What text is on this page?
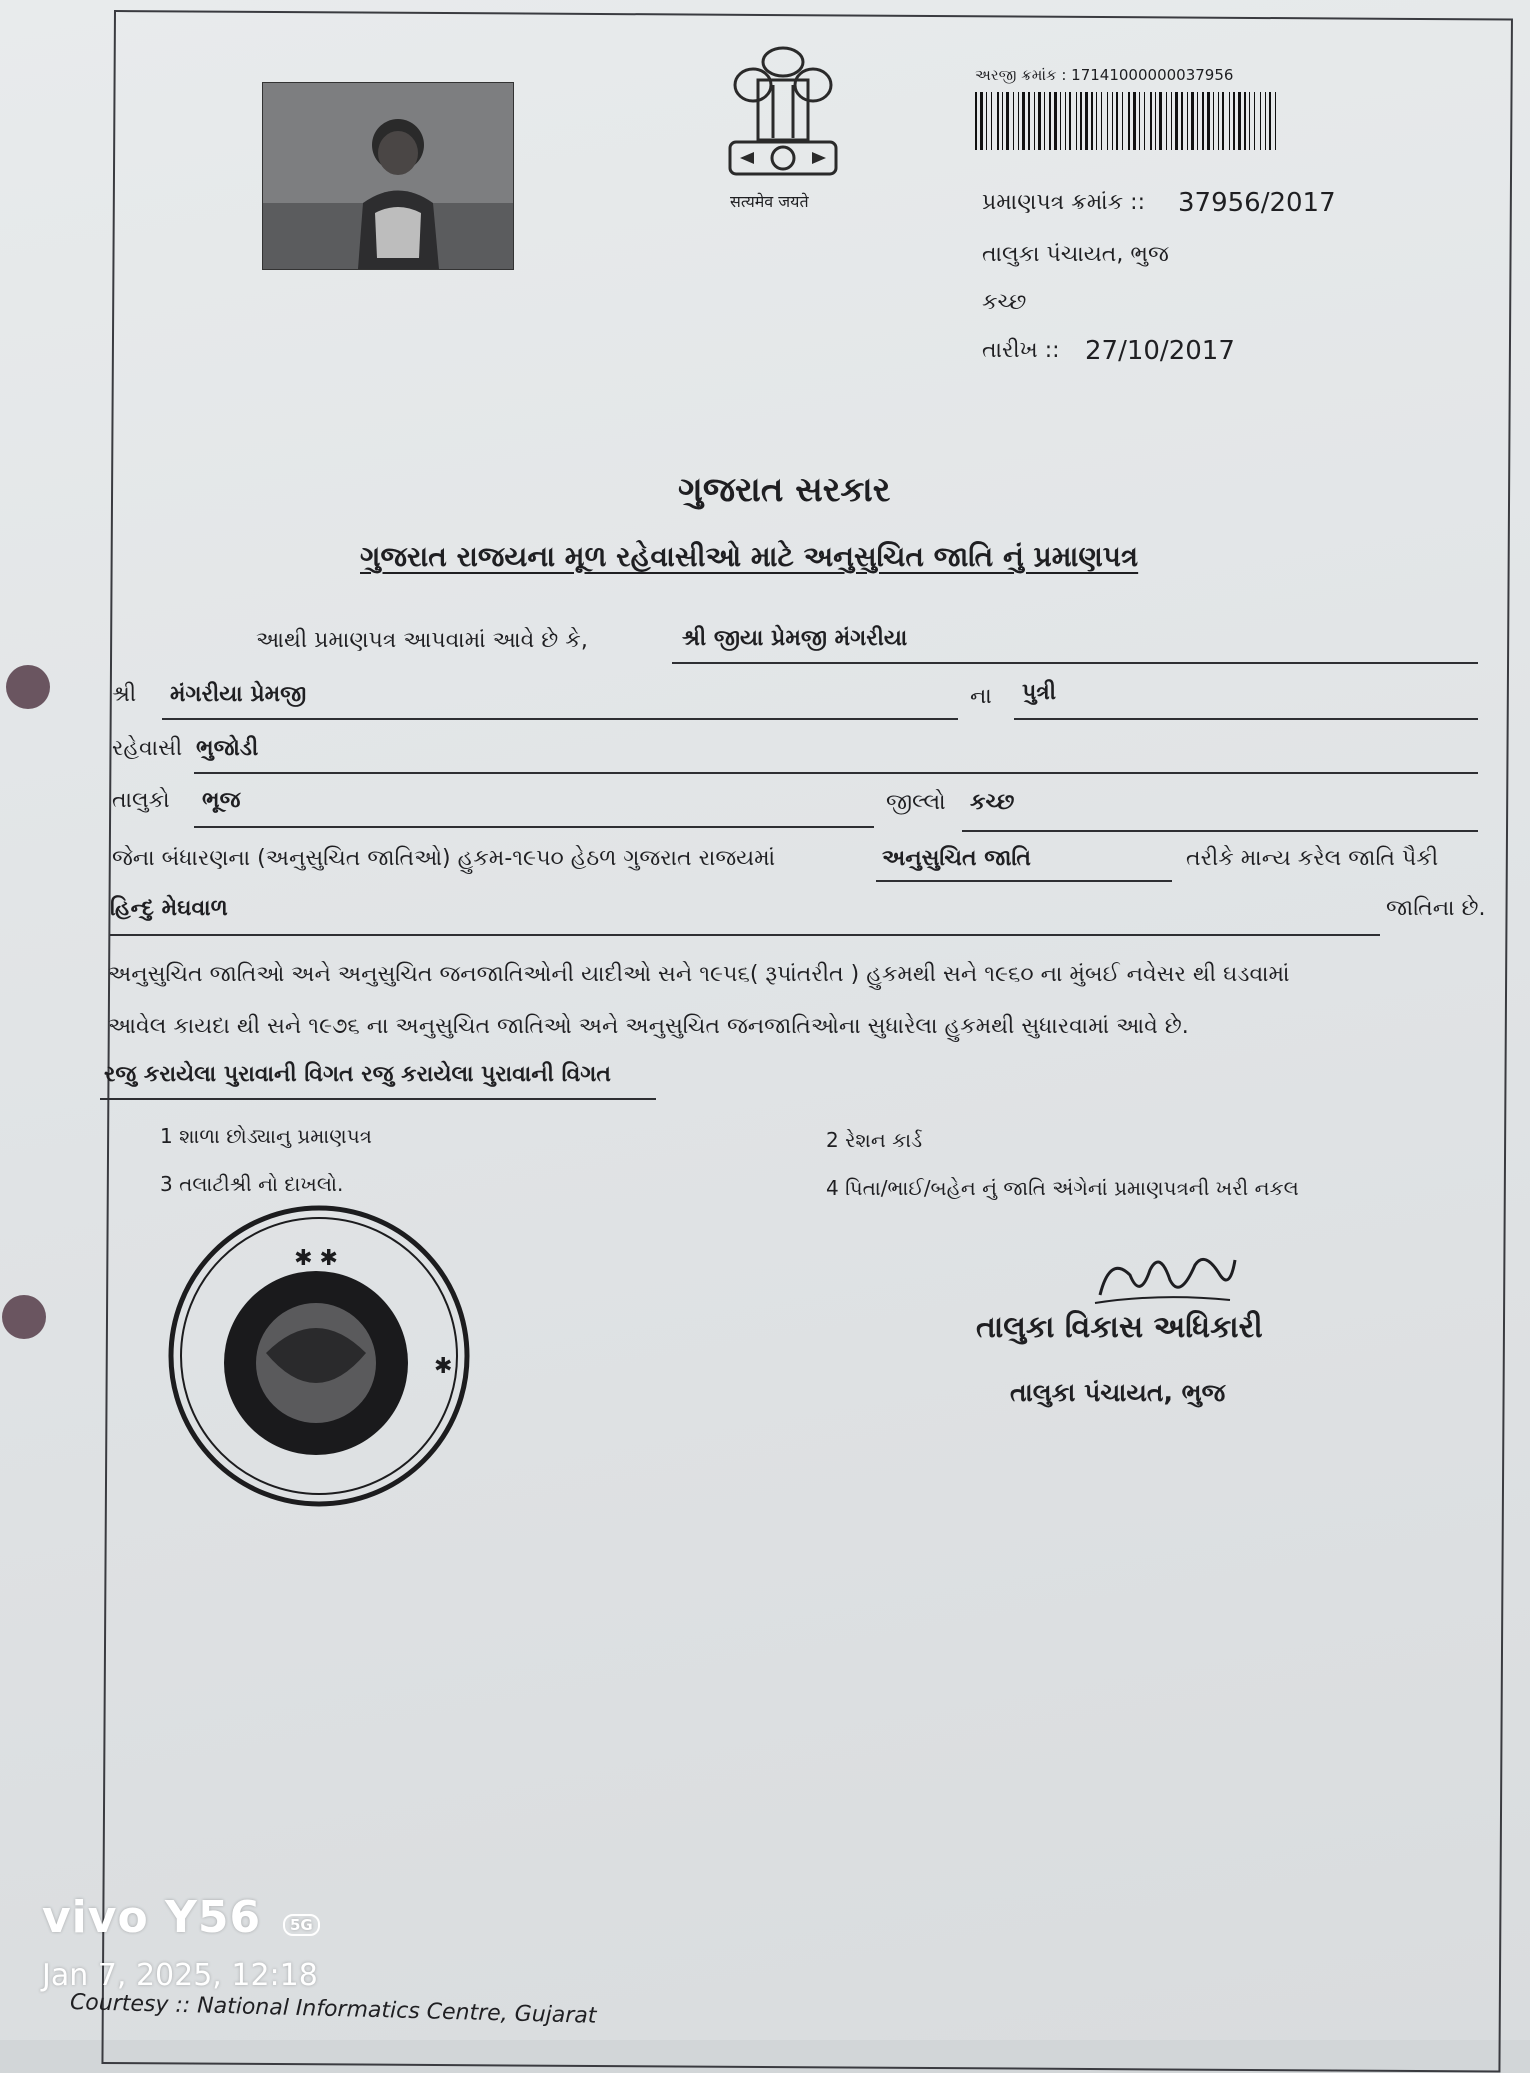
सत्यमेव जयते
અરજી ક્રમાંક : 17141000000037956
પ્રમાણપત્ર ક્રમાંક :: 37956/2017
તાલુકા પંચાયત, ભુજ
કચ્છ
તારીખ :: 27/10/2017
ગુજરાત સરકાર
ગુજરાત રાજયના મૂળ રહેવાસીઓ માટે અનુસુચિત જાતિ નું પ્રમાણપત્ર
આથી પ્રમાણપત્ર આપવામાં આવે છે કે,	શ્રી જીયા પ્રેમજી મંગરીયા
શ્રી મંગરીયા પ્રેમજી	ના પુત્રી
રહેવાસી ભુજોડી
તાલુકો ભૂજ	જીલ્લો કચ્છ
જેના બંધારણના (અનુસુચિત જાતિઓ) હુકમ-૧૯૫૦ હેઠળ ગુજરાત રાજયમાં	અનુસુચિત જાતિ	તરીકે માન્ય કરેલ જાતિ પૈકી
હિન્દુ મેઘવાળ	જાતિના છે.
અનુસુચિત જાતિઓ અને અનુસુચિત જનજાતિઓની યાદીઓ સને ૧૯૫૬( રૂપાંતરીત ) હુકમથી સને ૧૯૬૦ ના મુંબઈ નવેસર થી ઘડવામાં
આવેલ કાયદા થી સને ૧૯૭૬ ના અનુસુચિત જાતિઓ અને અનુસુચિત જનજાતિઓના સુધારેલા હુકમથી સુધારવામાં આવે છે.
રજુ કરાયેલા પુરાવાની વિગત રજુ કરાયેલા પુરાવાની વિગત
1 શાળા છોડ્યાનુ પ્રમાણપત્ર	2 રેશન કાર્ડ
3 તલાટીશ્રી નો દાખલો.	4 પિતા/ભાઈ/બહેન નું જાતિ અંગેનાં પ્રમાણપત્રની ખરી નકલ
✱ ✱
✱
તાલુકા વિકાસ અધિકારી
તાલુકા પંચાયત, ભુજ
Courtesy :: National Informatics Centre, Gujarat
vivo Y56	5G
Jan 7, 2025, 12:18
